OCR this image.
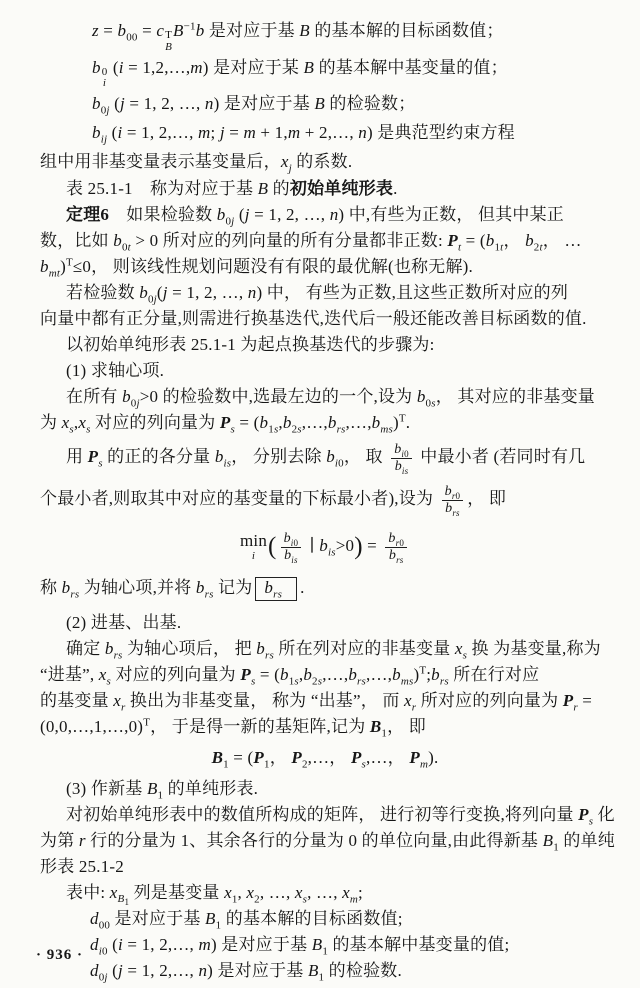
$z = b_{00} = c$ T
B
$B^{-1}b$ 是对应于基 B 的基本解的目标函数值；
b 0
i
(i = 1,2,…,m) 是对应于某 B 的基本解中基变量的值；
$b_{0j}$ (j = 1, 2, …, n) 是对应于基 B 的检验数；
$b_{ij}$ (i = 1, 2,…, m; j = m + 1,m + 2,…, n) 是典范型约束方程
组中用非基变量表示基变量后，$x_j$ 的系数.
表 25.1-1　称为对应于基 B 的初始单纯形表.
定理6　如果检验数 $b_{0j}$ (j = 1, 2, …, n) 中,有些为正数， 但其中某正
数，比如 $b_{0t} > 0$ 所对应的列向量的所有分量都非正数: $P_t = (b_{1t}$， $b_{2t}$， …
$b_{mt})^T\le 0$， 则该线性规划问题没有有限的最优解(也称无解).
若检验数 $b_{0j}(j = 1$, 2, …, n) 中， 有些为正数,且这些正数所对应的列
向量中都有正分量,则需进行换基迭代,迭代后一般还能改善目标函数的值.
以初始单纯形表 25.1-1 为起点换基迭代的步骤为:
(1) 求轴心项.
在所有 $b_{0j}>0$ 的检验数中,选最左边的一个,设为 $b_{0s}$， 其对应的非基变量
为 $x_s,x_s$ 对应的列向量为 $P_s$ = $(b_{1s},b_{2s},\dots,b_{rs},\dots,b_{ms})^T$.
用 $P_s$ 的正的各分量 $b_{is}$， 分别去除 $b_{i0}$， 取 $\frac{b_{i0}}{b_{is}}$ 中最小者 (若同时有几
个最小者,则取其中对应的基变量的下标最小者),设为 $\frac{b_{r0}}{b_{rs}}$ ， 即
min
i ( $\frac{b_{i0}}{b_{is}}$ ∣ $b_{is}>0) = \frac{b_{r0}}{b_{rs}}$
称 $b_{rs}$ 为轴心项,并将 $b_{rs}$ 记为 $b_{rs}$ .
(2) 进基、出基.
确定 $b_{rs}$ 为轴心项后， 把 $b_{rs}$ 所在列对应的非基变量 $x_s$ 换 为基变量,称为
“进基”, $x_s$ 对应的列向量为 $P_s$ = $(b_{1s},b_{2s},\dots,b_{rs},\dots,b_{ms})^T;b_{rs}$ 所在行对应
的基变量 $x_r$ 换出为非基变量， 称为 “出基”， 而 $x_r$ 所对应的列向量为 $P_r$ =
(0,0,…,1,…,0)$^T$， 于是得一新的基矩阵,记为 $B_1$， 即
$B_1 = (P_1$， $P_2,\dots$， $P_s,\dots$， $P_m$).
(3) 作新基 $B_1$ 的单纯形表.
对初始单纯形表中的数值所构成的矩阵， 进行初等行变换,将列向量 $P_s$ 化
为第 r 行的分量为 1、其余各行的分量为 0 的单位向量,由此得新基 $B_1$ 的单纯
形表 25.1-2
表中: $x_{B_1}$ 列是基变量 $x_1$, $x_2$, …, $x_s$, …, $x_m$;
$d_{00}$ 是对应于基 $B_1$ 的基本解的目标函数值;
$d_{i0}$ (i = 1, 2,…, m) 是对应于基 $B_1$ 的基本解中基变量的值;
$d_{0j}$ (j = 1, 2,…, n) 是对应于基 $B_1$ 的检验数.
· 936 ·
